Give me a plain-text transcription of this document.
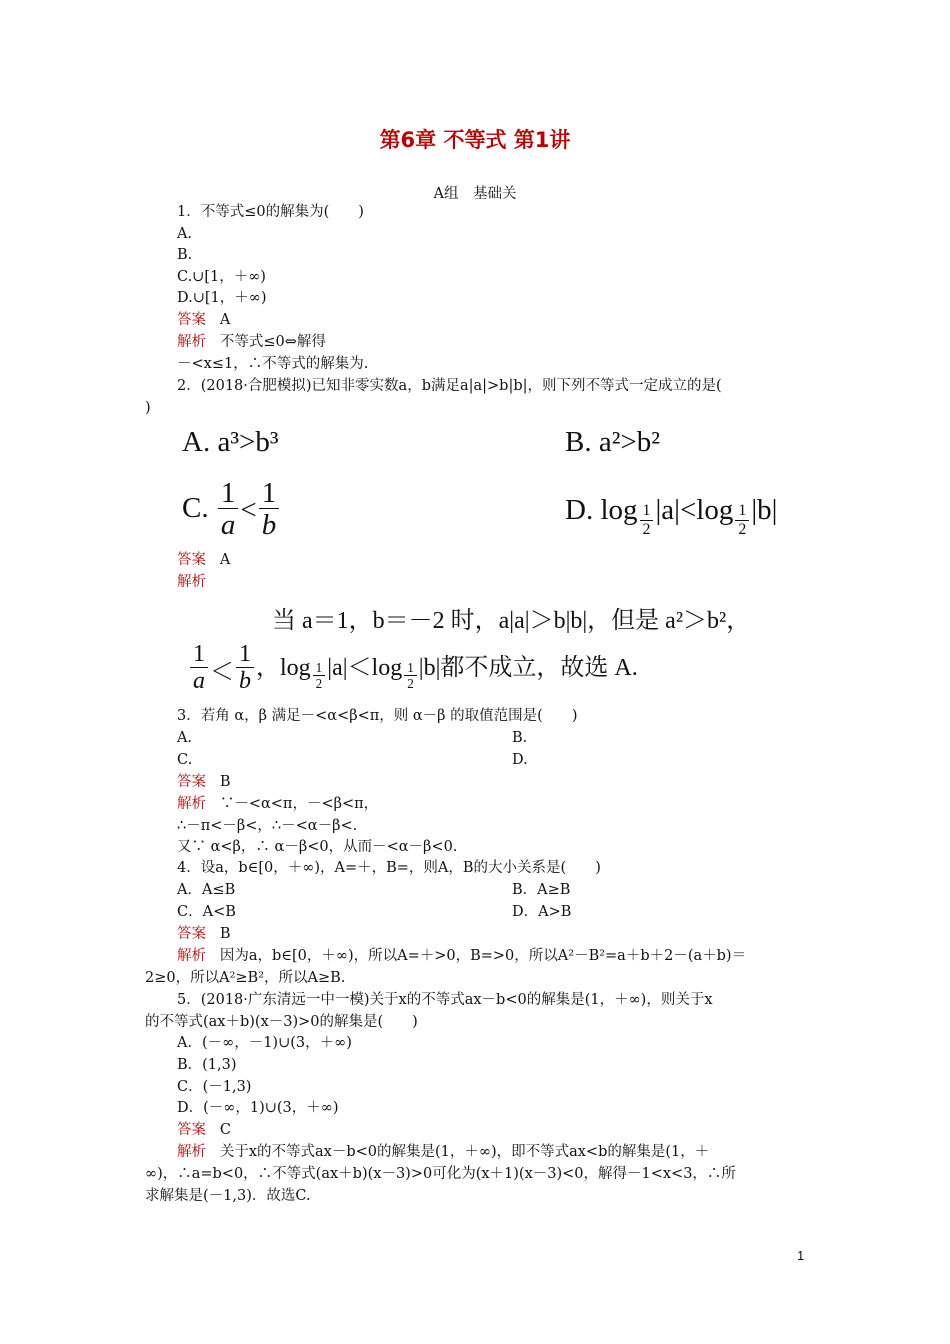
第6章 不等式 第1讲
A组　基础关
1．不等式≤0的解集为(　　)
A.
B.
C.∪[1，＋∞)
D.∪[1，＋∞)
答案 A
解析 不等式≤0⇔解得
－<x≤1，∴不等式的解集为.
2．(2018·合肥模拟)已知非零实数a，b满足a|a|>b|b|，则下列不等式一定成立的是(
)
A. a³>b³	B. a²>b²
C. $\frac{1}{a} < \frac{1}{b}$	D. $\log \frac{1}{2} |a|<\log \frac{1}{2} |b|$
答案 A
解析
当 a＝1，b＝－2 时，a|a|＞b|b|，但是 a²＞b²，
$\frac{1}{a} < \frac{1}{b}$ ，$\log \frac{1}{2} |a|<\log \frac{1}{2} |b|$都不成立，故选 A.
3．若角 α，β 满足－<α<β<π，则 α－β 的取值范围是(　　)
A.	B.
C.	D.
答案 B
解析 ∵－<α<π，－<β<π，
∴－π<－β<，∴－<α－β<.
又∵ α<β，∴ α－β<0，从而－<α－β<0.
4．设a，b∈[0，＋∞)，A=＋，B=，则A，B的大小关系是(　　)
A．A≤B	B．A≥B
C．A<B	D．A>B
答案 B
解析 因为a，b∈[0，＋∞)，所以A=＋>0，B=>0，所以A²－B²=a＋b＋2－(a＋b)＝
2≥0，所以A²≥B²，所以A≥B.
5．(2018·广东清远一中一模)关于x的不等式ax－b<0的解集是(1，＋∞)，则关于x
的不等式(ax＋b)(x－3)>0的解集是(　　)
A．(－∞，－1)∪(3，＋∞)
B．(1,3)
C．(－1,3)
D．(－∞，1)∪(3，＋∞)
答案 C
解析 关于x的不等式ax－b<0的解集是(1，＋∞)，即不等式ax<b的解集是(1，＋
∞)，∴a=b<0，∴不等式(ax＋b)(x－3)>0可化为(x＋1)(x－3)<0，解得－1<x<3，∴所
求解集是(－1,3)．故选C.
1
